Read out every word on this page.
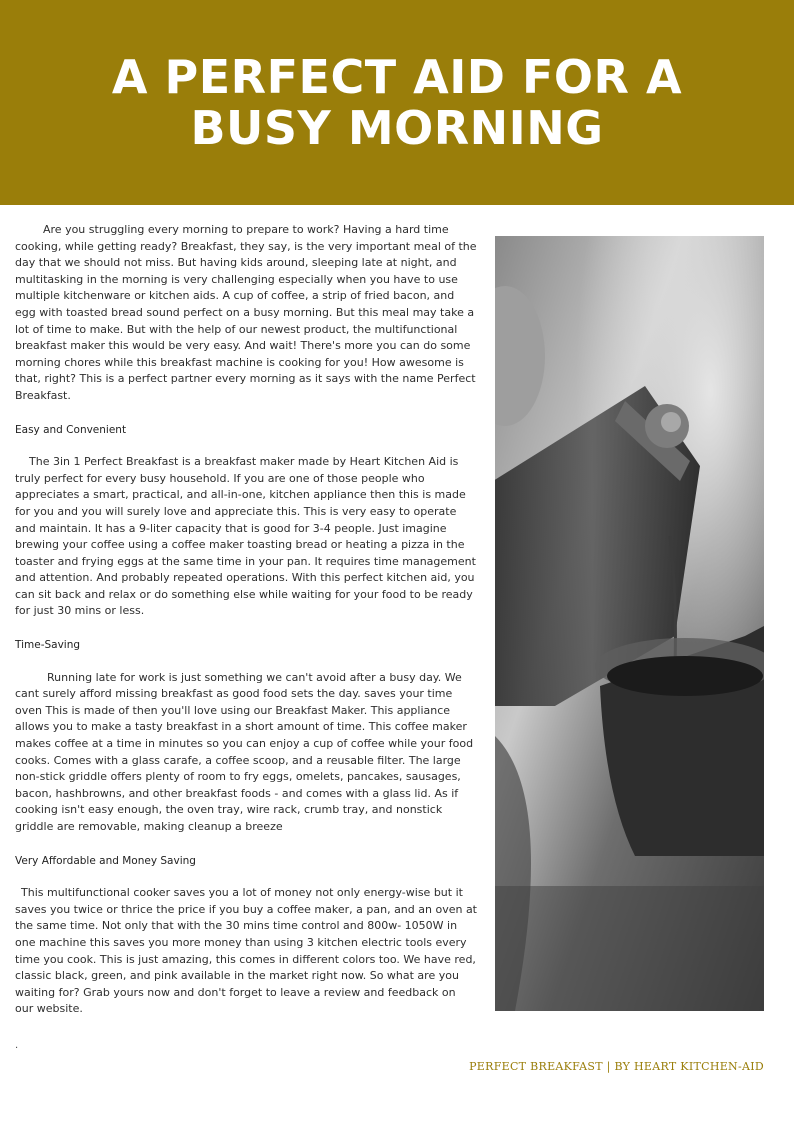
A PERFECT AID FOR A BUSY MORNING

Are you struggling every morning to prepare to work? Having a hard time cooking, while getting ready? Breakfast, they say, is the very important meal of the day that we should not miss. But having kids around, sleeping late at night, and multitasking in the morning is very challenging especially when you have to use multiple kitchenware or kitchen aids. A cup of coffee, a strip of fried bacon, and egg with toasted bread sound perfect on a busy morning. But this meal may take a lot of time to make. But with the help of our newest product, the multifunctional breakfast maker this would be very easy. And wait! There's more you can do some morning chores while this breakfast machine is cooking for you! How awesome is that, right? This is a perfect partner every morning as it says with the name Perfect Breakfast.

Easy and Convenient

The 3in 1 Perfect Breakfast is a breakfast maker made by Heart Kitchen Aid is truly perfect for every busy household. If you are one of those people who appreciates a smart, practical, and all-in-one, kitchen appliance then this is made for you and you will surely love and appreciate this. This is very easy to operate and maintain. It has a 9-liter capacity that is good for 3-4 people. Just imagine brewing your coffee using a coffee maker toasting bread or heating a pizza in the toaster and frying eggs at the same time in your pan. It requires time management and attention. And probably repeated operations. With this perfect kitchen aid, you can sit back and relax or do something else while waiting for your food to be ready for just 30 mins or less.

Time-Saving

Running late for work is just something we can't avoid after a busy day. We cant surely afford missing breakfast as good food sets the day. saves your time oven This is made of then you'll love using our Breakfast Maker. This appliance allows you to make a tasty breakfast in a short amount of time. This coffee maker makes coffee at a time in minutes so you can enjoy a cup of coffee while your food cooks. Comes with a glass carafe, a coffee scoop, and a reusable filter. The large non-stick griddle offers plenty of room to fry eggs, omelets, pancakes, sausages, bacon, hashbrowns, and other breakfast foods - and comes with a glass lid. As if cooking isn't easy enough, the oven tray, wire rack, crumb tray, and nonstick griddle are removable, making cleanup a breeze

Very Affordable and Money Saving

This multifunctional cooker saves you a lot of money not only energy-wise but it saves you twice or thrice the price if you buy a coffee maker, a pan, and an oven at the same time. Not only that with the 30 mins time control and 800w- 1050W in one machine this saves you more money than using 3 kitchen electric tools every time you cook. This is just amazing, this comes in different colors too. We have red, classic black, green, and pink available in the market right now. So what are you waiting for? Grab yours now and don't forget to leave a review and feedback on our website.

.
PERFECT BREAKFAST | BY HEART KITCHEN-AID
